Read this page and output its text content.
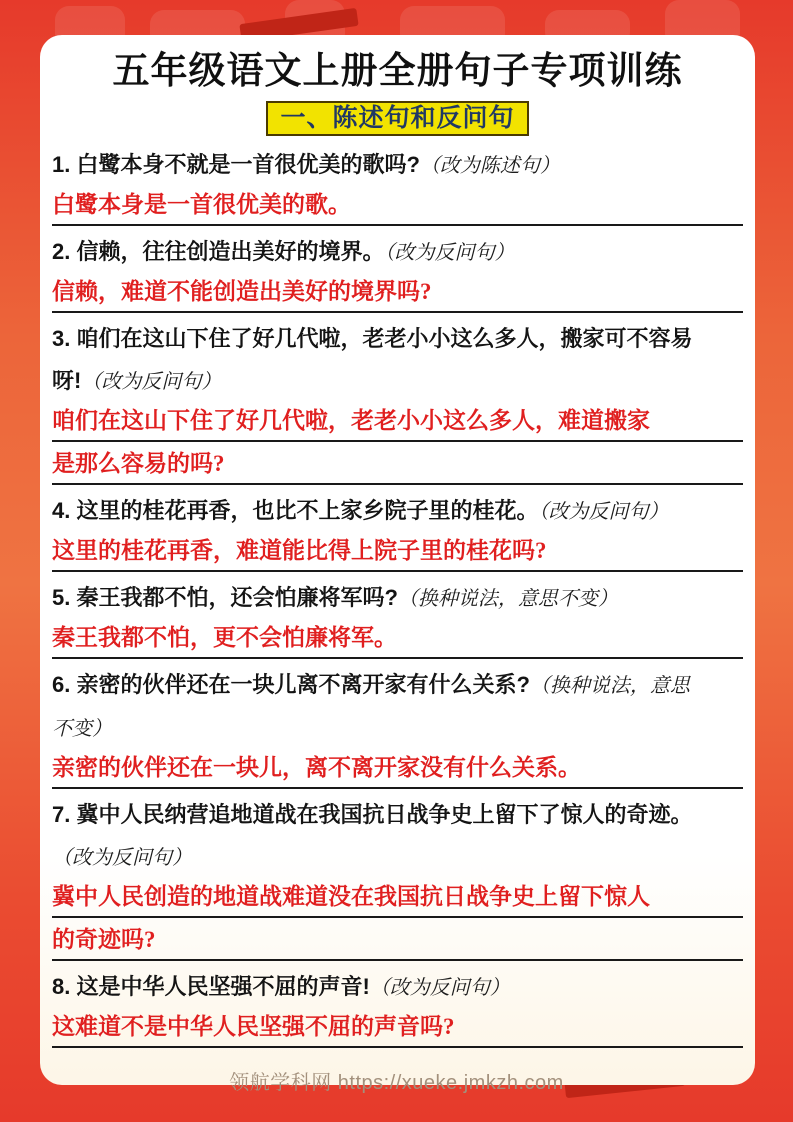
五年级语文上册全册句子专项训练
一、陈述句和反问句
1. 白鹭本身不就是一首很优美的歌吗?（改为陈述句）
白鹭本身是一首很优美的歌。
2. 信赖，往往创造出美好的境界。（改为反问句）
信赖，难道不能创造出美好的境界吗?
3. 咱们在这山下住了好几代啦，老老小小这么多人，搬家可不容易
呀!（改为反问句）
咱们在这山下住了好几代啦，老老小小这么多人，难道搬家
是那么容易的吗?
4. 这里的桂花再香，也比不上家乡院子里的桂花。（改为反问句）
这里的桂花再香，难道能比得上院子里的桂花吗?
5. 秦王我都不怕，还会怕廉将军吗?（换种说法，意思不变）
秦王我都不怕，更不会怕廉将军。
6. 亲密的伙伴还在一块儿离不离开家有什么关系?（换种说法，意思
不变）
亲密的伙伴还在一块儿，离不离开家没有什么关系。
7. 冀中人民纳营追地道战在我国抗日战争史上留下了惊人的奇迹。
（改为反问句）
冀中人民创造的地道战难道没在我国抗日战争史上留下惊人
的奇迹吗?
8. 这是中华人民坚强不屈的声音!（改为反问句）
这难道不是中华人民坚强不屈的声音吗?
领航学科网 https://xueke.jmkzh.com
